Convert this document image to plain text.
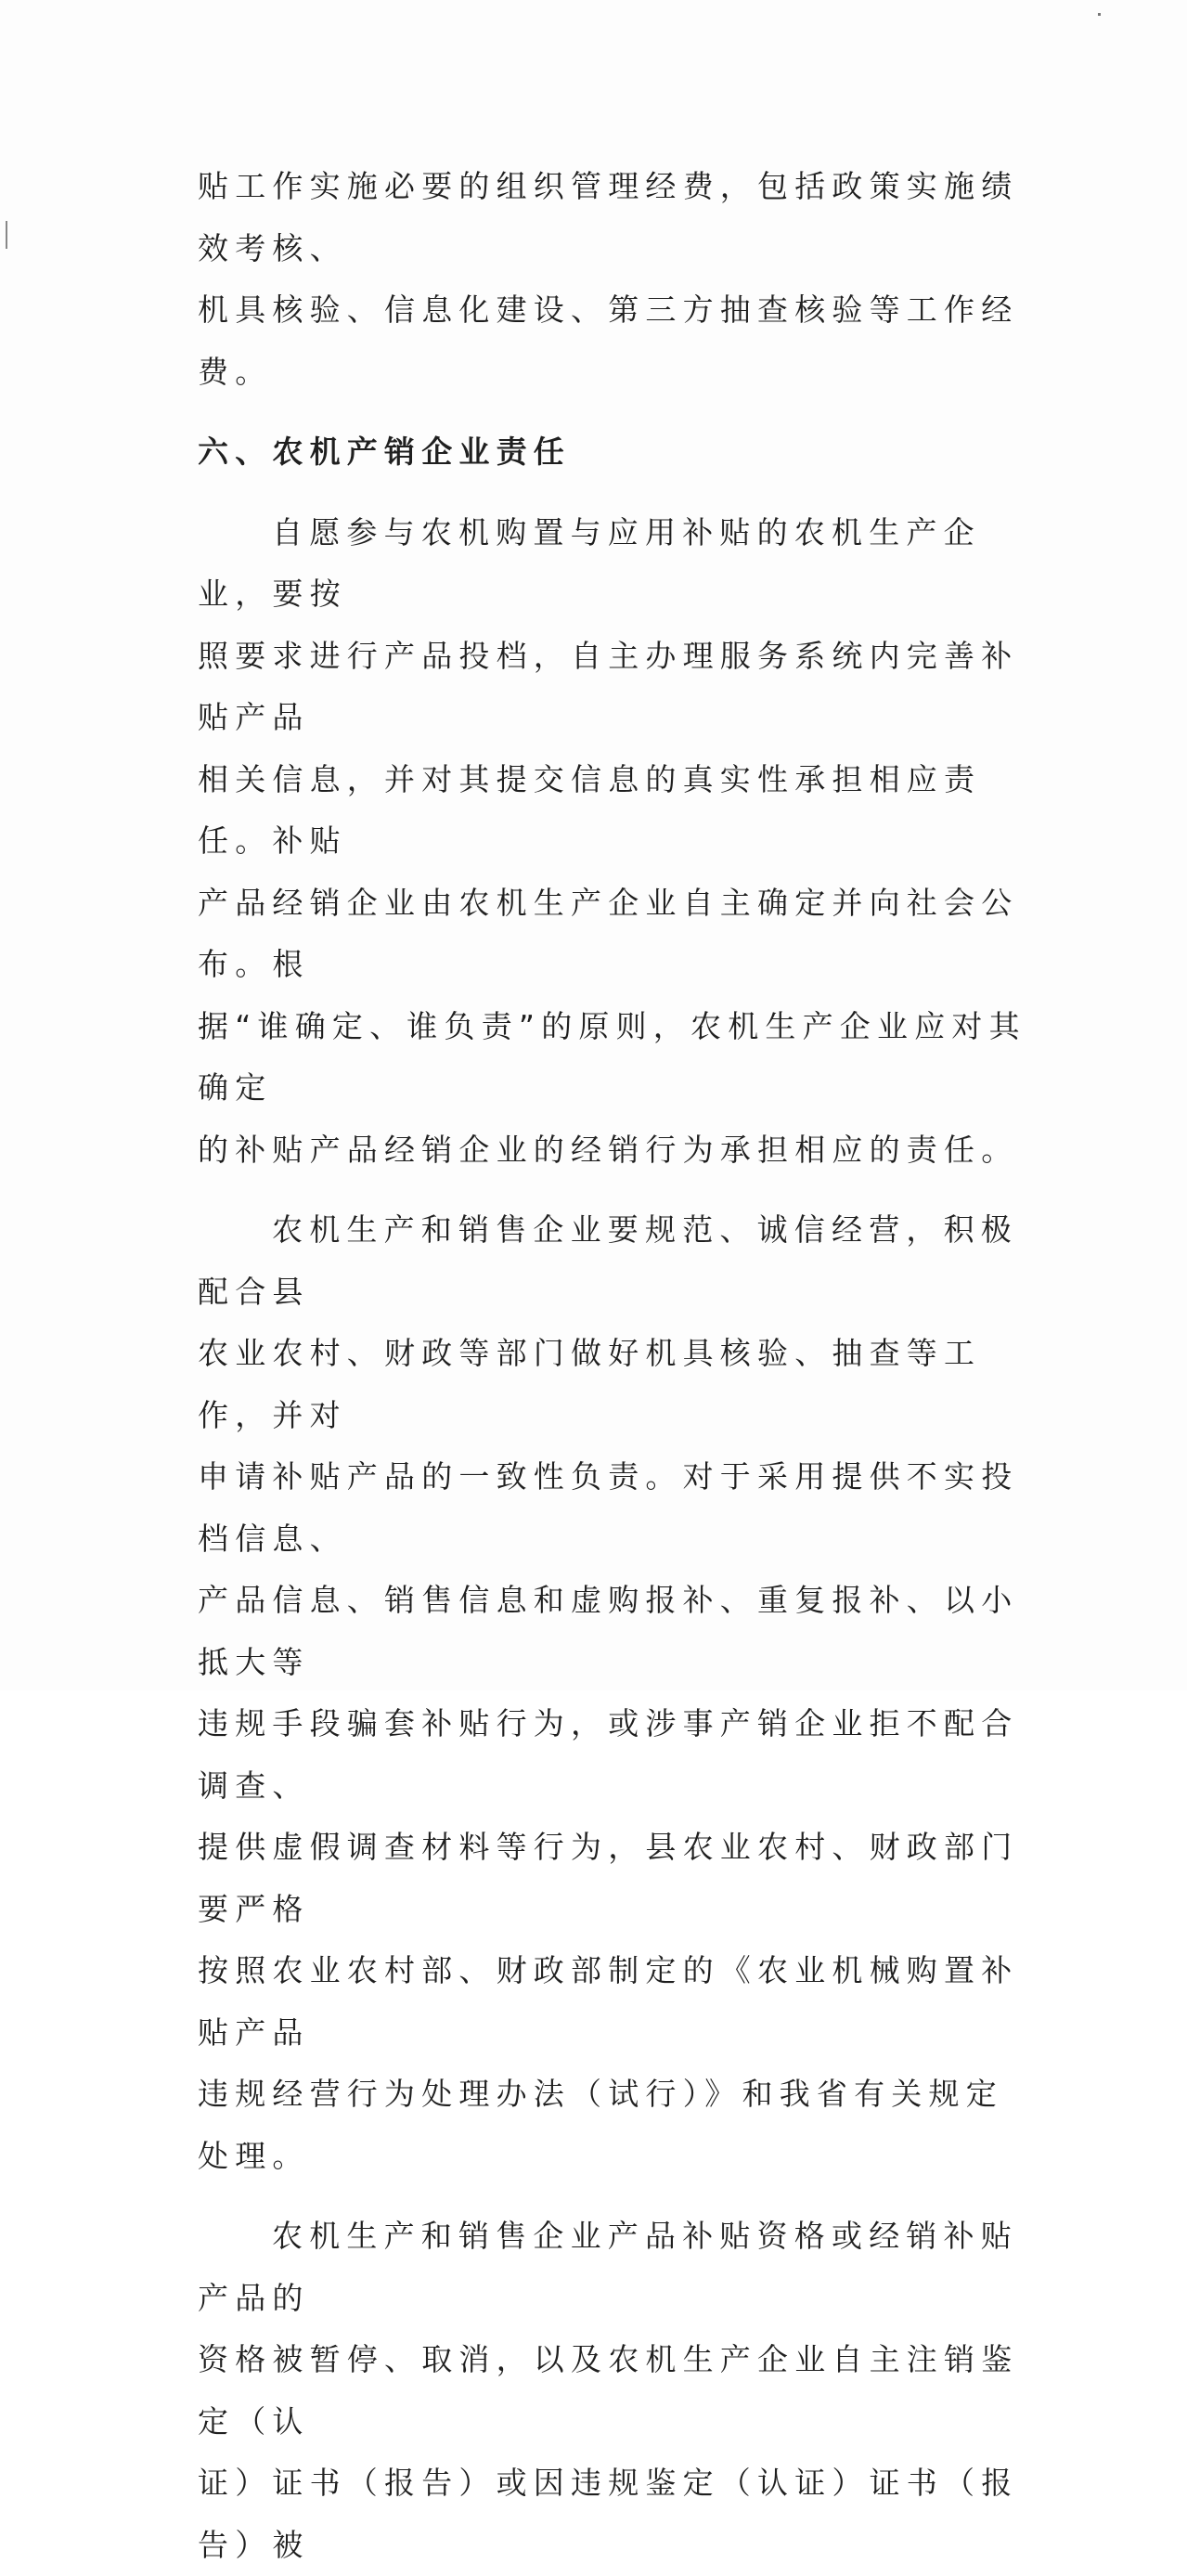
贴工作实施必要的组织管理经费，包括政策实施绩效考核、
机具核验、信息化建设、第三方抽查核验等工作经费。
六、农机产销企业责任
自愿参与农机购置与应用补贴的农机生产企业，要按
照要求进行产品投档，自主办理服务系统内完善补贴产品
相关信息，并对其提交信息的真实性承担相应责任。补贴
产品经销企业由农机生产企业自主确定并向社会公布。根
据“谁确定、谁负责”的原则，农机生产企业应对其确定
的补贴产品经销企业的经销行为承担相应的责任。
农机生产和销售企业要规范、诚信经营，积极配合县
农业农村、财政等部门做好机具核验、抽查等工作，并对
申请补贴产品的一致性负责。对于采用提供不实投档信息、
产品信息、销售信息和虚购报补、重复报补、以小抵大等
违规手段骗套补贴行为，或涉事产销企业拒不配合调查、
提供虚假调查材料等行为，县农业农村、财政部门要严格
按照农业农村部、财政部制定的《农业机械购置补贴产品
违规经营行为处理办法（试行）》和我省有关规定处理。
农机生产和销售企业产品补贴资格或经销补贴产品的
资格被暂停、取消，以及农机生产企业自主注销鉴定（认
证）证书（报告）或因违规鉴定（认证）证书（报告）被
